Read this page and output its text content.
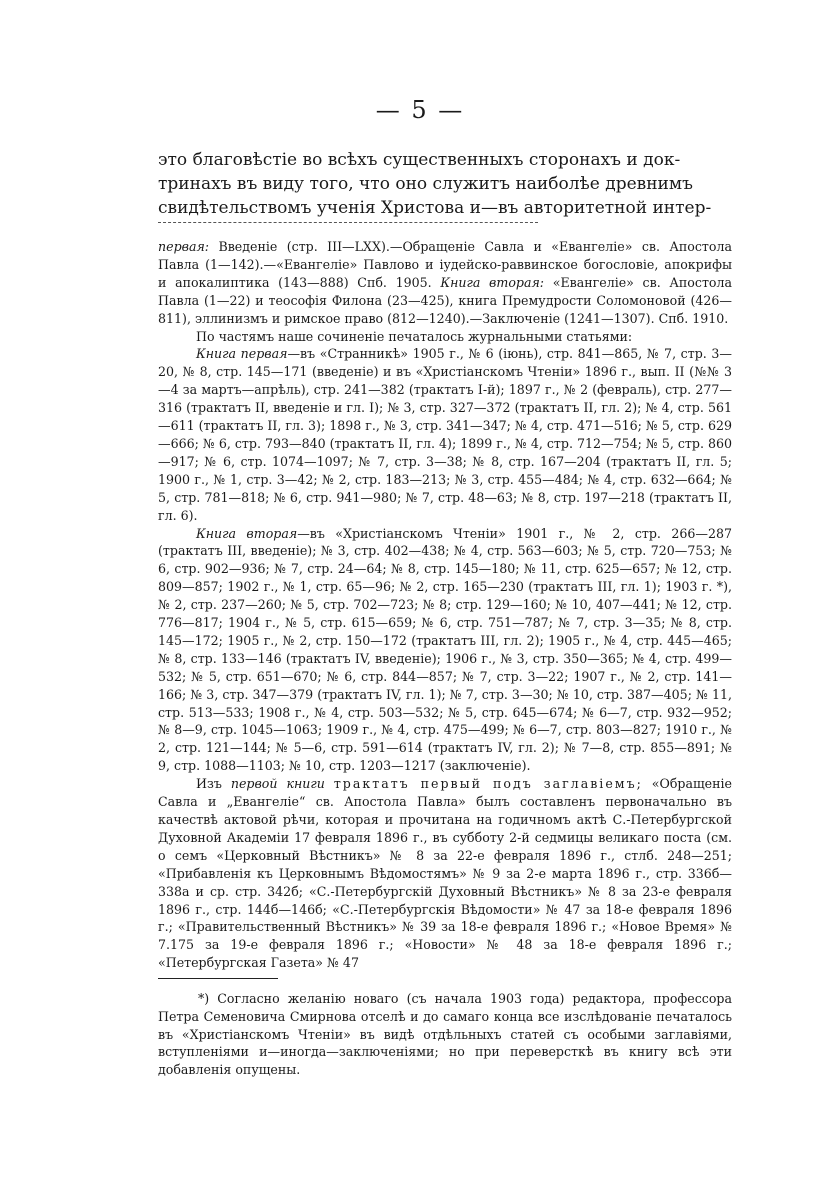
— 5 —
это благовѣстіе во всѣхъ существенныхъ сторонахъ и док-
тринахъ въ виду того, что оно служитъ наиболѣе древнимъ
свидѣтельствомъ ученія Христова и—въ авторитетной интер-

первая: Введеніе (стр. III—LXX).—Обращеніе Савла и «Евангеліе» св. Апостола Павла (1—142).—«Евангеліе» Павлово и іудейско-раввинское богословіе, апокрифы и апокалиптика (143—888) Спб. 1905. Книга вторая: «Евангеліе» св. Апостола Павла (1—22) и теософія Филона (23—425), книга Премудрости Соломоновой (426—811), эллинизмъ и римское право (812—1240).—Заключеніе (1241—1307). Спб. 1910.

По частямъ наше сочиненіе печаталось журнальными статьями:

Книга первая—въ «Странникѣ» 1905 г., № 6 (іюнь), стр. 841—865, № 7, стр. 3—20, № 8, стр. 145—171 (введеніе) и въ «Христіанскомъ Чтеніи» 1896 г., вып. II (№№ 3—4 за мартъ—апрѣль), стр. 241—382 (трактатъ I-й); 1897 г., № 2 (февраль), стр. 277—316 (трактатъ II, введеніе и гл. I); № 3, стр. 327—372 (трактатъ II, гл. 2); № 4, стр. 561—611 (трактатъ II, гл. 3); 1898 г., № 3, стр. 341—347; № 4, стр. 471—516; № 5, стр. 629—666; № 6, стр. 793—840 (трактатъ II, гл. 4); 1899 г., № 4, стр. 712—754; № 5, стр. 860—917; № 6, стр. 1074—1097; № 7, стр. 3—38; № 8, стр. 167—204 (трактатъ II, гл. 5; 1900 г., № 1, стр. 3—42; № 2, стр. 183—213; № 3, стр. 455—484; № 4, стр. 632—664; № 5, стр. 781—818; № 6, стр. 941—980; № 7, стр. 48—63; № 8, стр. 197—218 (трактатъ II, гл. 6).

Книга вторая—въ «Христіанскомъ Чтеніи» 1901 г., № 2, стр. 266—287 (трактатъ III, введеніе); № 3, стр. 402—438; № 4, стр. 563—603; № 5, стр. 720—753; № 6, стр. 902—936; № 7, стр. 24—64; № 8, стр. 145—180; № 11, стр. 625—657; № 12, стр. 809—857; 1902 г., № 1, стр. 65—96; № 2, стр. 165—230 (трактатъ III, гл. 1); 1903 г. *), № 2, стр. 237—260; № 5, стр. 702—723; № 8; стр. 129—160; № 10, 407—441; № 12, стр. 776—817; 1904 г., № 5, стр. 615—659; № 6, стр. 751—787; № 7, стр. 3—35; № 8, стр. 145—172; 1905 г., № 2, стр. 150—172 (трактатъ III, гл. 2); 1905 г., № 4, стр. 445—465; № 8, стр. 133—146 (трактатъ IV, введеніе); 1906 г., № 3, стр. 350—365; № 4, стр. 499—532; № 5, стр. 651—670; № 6, стр. 844—857; № 7, стр. 3—22; 1907 г., № 2, стр. 141—166; № 3, стр. 347—379 (трактатъ IV, гл. 1); № 7, стр. 3—30; № 10, стр. 387—405; № 11, стр. 513—533; 1908 г., № 4, стр. 503—532; № 5, стр. 645—674; № 6—7, стр. 932—952; № 8—9, стр. 1045—1063; 1909 г., № 4, стр. 475—499; № 6—7, стр. 803—827; 1910 г., № 2, стр. 121—144; № 5—6, стр. 591—614 (трактатъ IV, гл. 2); № 7—8, стр. 855—891; № 9, стр. 1088—1103; № 10, стр. 1203—1217 (заключеніе).

Изъ первой книги трактатъ первый подъ заглавіемъ; «Обращеніе Савла и „Евангеліе“ св. Апостола Павла» былъ составленъ первоначально въ качествѣ актовой рѣчи, которая и прочитана на годичномъ актѣ С.-Петербургской Духовной Академіи 17 февраля 1896 г., въ субботу 2-й седмицы великаго поста (см. о семъ «Церковный Вѣстникъ» № 8 за 22-е февраля 1896 г., стлб. 248—251; «Прибавленія къ Церковнымъ Вѣдомостямъ» № 9 за 2-е марта 1896 г., стр. 336б—338а и ср. стр. 342б; «С.-Петербургскій Духовный Вѣстникъ» № 8 за 23-е февраля 1896 г., стр. 144б—146б; «С.-Петербургскія Вѣдомости» № 47 за 18-е февраля 1896 г.; «Правительственный Вѣстникъ» № 39 за 18-е февраля 1896 г.; «Новое Время» № 7.175 за 19-е февраля 1896 г.; «Новости» № 48 за 18-е февраля 1896 г.; «Петербургская Газета» № 47

*) Согласно желанію новаго (съ начала 1903 года) редактора, профессора Петра Семеновича Смирнова отселѣ и до самаго конца все изслѣдованіе печаталось въ «Христіанскомъ Чтеніи» въ видѣ отдѣльныхъ статей съ особыми заглавіями, вступленіями и—иногда—заключеніями; но при переверсткѣ въ книгу всѣ эти добавленія опущены.
